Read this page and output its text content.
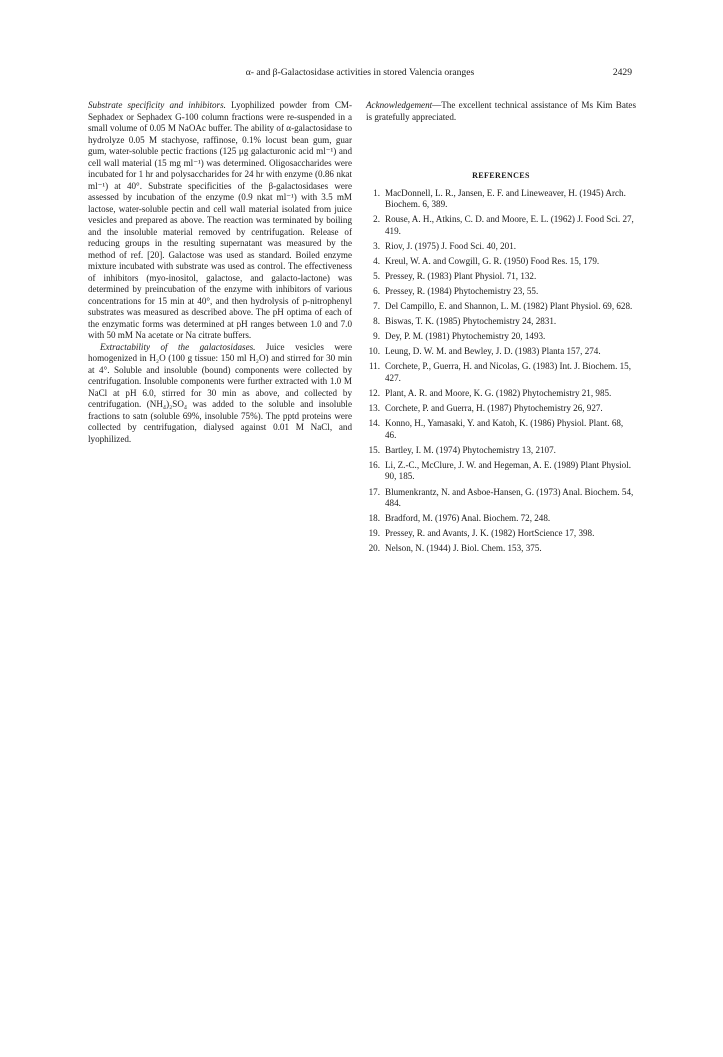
α- and β-Galactosidase activities in stored Valencia oranges	2429

Substrate specificity and inhibitors. Lyophilized powder from CM-Sephadex or Sephadex G-100 column fractions were re-suspended in a small volume of 0.05 M NaOAc buffer. The ability of α-galactosidase to hydrolyze 0.05 M stachyose, raffinose, 0.1% locust bean gum, guar gum, water-soluble pectic fractions (125 μg galacturonic acid ml⁻¹) and cell wall material (15 mg ml⁻¹) was determined. Oligosaccharides were incubated for 1 hr and polysaccharides for 24 hr with enzyme (0.86 nkat ml⁻¹) at 40°. Substrate specificities of the β-galactosidases were assessed by incubation of the enzyme (0.9 nkat ml⁻¹) with 3.5 mM lactose, water-soluble pectin and cell wall material isolated from juice vesicles and prepared as above. The reaction was terminated by boiling and the insoluble material removed by centrifugation. Release of reducing groups in the resulting supernatant was measured by the method of ref. [20]. Galactose was used as standard. Boiled enzyme mixture incubated with substrate was used as control. The effectiveness of inhibitors (myo-inositol, galactose, and galacto-lactone) was determined by preincubation of the enzyme with inhibitors of various concentrations for 15 min at 40°, and then hydrolysis of p-nitrophenyl substrates was measured as described above. The pH optima of each of the enzymatic forms was determined at pH ranges between 1.0 and 7.0 with 50 mM Na acetate or Na citrate buffers.

Extractability of the galactosidases. Juice vesicles were homogenized in H₂O (100 g tissue: 150 ml H₂O) and stirred for 30 min at 4°. Soluble and insoluble (bound) components were collected by centrifugation. Insoluble components were further extracted with 1.0 M NaCl at pH 6.0, stirred for 30 min as above, and collected by centrifugation. (NH₄)₂SO₄ was added to the soluble and insoluble fractions to satn (soluble 69%, insoluble 75%). The pptd proteins were collected by centrifugation, dialysed against 0.01 M NaCl, and lyophilized.

Acknowledgement—The excellent technical assistance of Ms Kim Bates is gratefully appreciated.

REFERENCES
1. MacDonnell, L. R., Jansen, E. F. and Lineweaver, H. (1945) Arch. Biochem. 6, 389.
2. Rouse, A. H., Atkins, C. D. and Moore, E. L. (1962) J. Food Sci. 27, 419.
3. Riov, J. (1975) J. Food Sci. 40, 201.
4. Kreul, W. A. and Cowgill, G. R. (1950) Food Res. 15, 179.
5. Pressey, R. (1983) Plant Physiol. 71, 132.
6. Pressey, R. (1984) Phytochemistry 23, 55.
7. Del Campillo, E. and Shannon, L. M. (1982) Plant Physiol. 69, 628.
8. Biswas, T. K. (1985) Phytochemistry 24, 2831.
9. Dey, P. M. (1981) Phytochemistry 20, 1493.
10. Leung, D. W. M. and Bewley, J. D. (1983) Planta 157, 274.
11. Corchete, P., Guerra, H. and Nicolas, G. (1983) Int. J. Biochem. 15, 427.
12. Plant, A. R. and Moore, K. G. (1982) Phytochemistry 21, 985.
13. Corchete, P. and Guerra, H. (1987) Phytochemistry 26, 927.
14. Konno, H., Yamasaki, Y. and Katoh, K. (1986) Physiol. Plant. 68, 46.
15. Bartley, I. M. (1974) Phytochemistry 13, 2107.
16. Li, Z.-C., McClure, J. W. and Hegeman, A. E. (1989) Plant Physiol. 90, 185.
17. Blumenkrantz, N. and Asboe-Hansen, G. (1973) Anal. Biochem. 54, 484.
18. Bradford, M. (1976) Anal. Biochem. 72, 248.
19. Pressey, R. and Avants, J. K. (1982) HortScience 17, 398.
20. Nelson, N. (1944) J. Biol. Chem. 153, 375.
